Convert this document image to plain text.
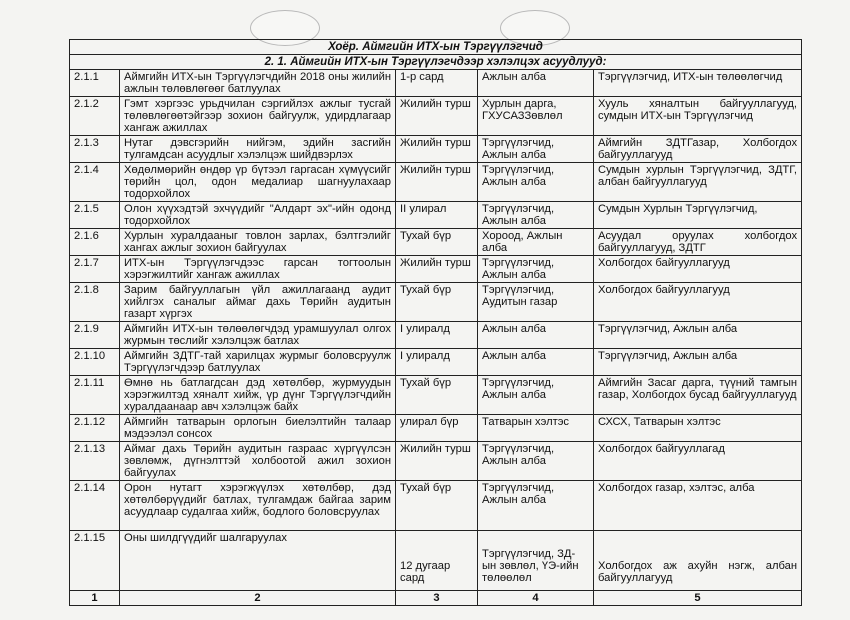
Хоёр. Аймгийн ИТХ-ын Тэргүүлэгчид				
2. 1. Аймгийн ИТХ-ын Тэргүүлэгчдээр хэлэлцэх асуудлууд:				
2.1.1	Аймгийн ИТХ-ын Тэргүүлэгчдийн 2018 оны жилийн ажлын төлөвлөгөөг батлуулах	1-р сард	Ажлын алба	Тэргүүлэгчид, ИТХ-ын төлөөлөгчид
2.1.2	Гэмт хэргээс урьдчилан сэргийлэх ажлыг тусгай төлөвлөгөөтэйгээр зохион байгуулж, удирдлагаар хангаж ажиллах	Жилийн турш	Хурлын дарга, ГХУСАЗЗөвлөл	Хууль хяналтын байгууллагууд, сумдын ИТХ-ын Тэргүүлэгчид
2.1.3	Нутаг дэвсгэрийн нийгэм, эдийн засгийн тулгамдсан асуудлыг хэлэлцэж шийдвэрлэх	Жилийн турш	Тэргүүлэгчид, Ажлын алба	Аймгийн ЗДТГазар, Холбогдох байгууллагууд
2.1.4	Хөдөлмөрийн өндөр үр бүтээл гаргасан хүмүүсийг төрийн цол, одон медалиар шагнуулахаар тодорхойлох	Жилийн турш	Тэргүүлэгчид, Ажлын алба	Сумдын хурлын Тэргүүлэгчид, ЗДТГ, албан байгууллагууд
2.1.5	Олон хүүхэдтэй эхчүүдийг "Алдарт эх"-ийн одонд тодорхойлох	II улирал	Тэргүүлэгчид, Ажлын алба	Сумдын Хурлын Тэргүүлэгчид,
2.1.6	Хурлын хуралдааныг товлон зарлах, бэлтгэлийг хангах ажлыг зохион байгуулах	Тухай бүр	Хороод, Ажлын алба	Асуудал оруулах холбогдох байгууллагууд, ЗДТГ
2.1.7	ИТХ-ын Тэргүүлэгчдээс гарсан тогтоолын хэрэгжилтийг хангаж ажиллах	Жилийн турш	Тэргүүлэгчид, Ажлын алба	Холбогдох байгууллагууд
2.1.8	Зарим байгууллагын үйл ажиллагаанд аудит хийлгэх саналыг аймаг дахь Төрийн аудитын газарт хүргэх	Тухай бүр	Тэргүүлэгчид, Аудитын газар	Холбогдох байгууллагууд
2.1.9	Аймгийн ИТХ-ын төлөөлөгчдэд урамшуулал олгох журмын төслийг хэлэлцэж батлах	I улиралд	Ажлын алба	Тэргүүлэгчид, Ажлын алба
2.1.10	Аймгийн ЗДТГ-тай харилцах журмыг боловсруулж Тэргүүлэгчдээр батлуулах	I улиралд	Ажлын алба	Тэргүүлэгчид, Ажлын алба
2.1.11	Өмнө нь батлагдсан дэд хөтөлбөр, журмуудын хэрэгжилтэд хяналт хийж, үр дүнг Тэргүүлэгчдийн хуралдаанаар авч хэлэлцэж байх	Тухай бүр	Тэргүүлэгчид, Ажлын алба	Аймгийн Засаг дарга, түүний тамгын газар, Холбогдох бусад байгууллагууд
2.1.12	Аймгийн татварын орлогын биелэлтийн талаар мэдээлэл сонсох	улирал бүр	Татварын хэлтэс	СХСХ, Татварын хэлтэс
2.1.13	Аймаг дахь Төрийн аудитын газраас хүргүүлсэн зөвлөмж, дүгнэлттэй холбоотой ажил зохион байгуулах	Жилийн турш	Тэргүүлэгчид, Ажлын алба	Холбогдох байгууллагад
2.1.14	Орон нутагт хэрэгжүүлэх хөтөлбөр, дэд хөтөлбөрүүдийг батлах, тулгамдаж байгаа зарим асуудлаар судалгаа хийж, бодлого боловсруулах	Тухай бүр	Тэргүүлэгчид, Ажлын алба	Холбогдох газар, хэлтэс, алба
2.1.15	Оны шилдгүүдийг шалгаруулах	12 дугаар сард	Тэргүүлэгчид, ЗД-ын зөвлөл, ҮЭ-ийн төлөөлөл	Холбогдох аж ахуйн нэгж, албан байгууллагууд
1	2	3	4	5
